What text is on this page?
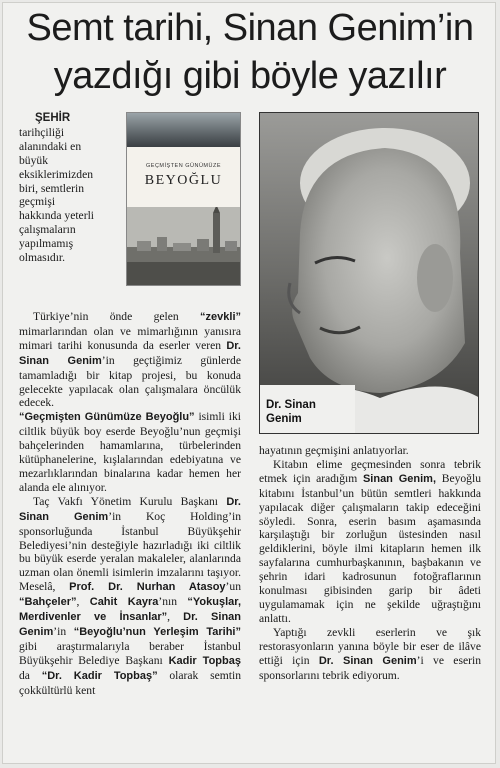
Semt tarihi, Sinan Genim’in
yazdığı gibi böyle yazılır
ŞEHİR
tarihçiliği
alanındaki en
büyük
eksiklerimizden
biri, semtlerin
geçmişi
hakkında yeterli
çalışmaların
yapılmamış
olmasıdır.
GEÇMİŞTEN GÜNÜMÜZE
BEYOĞLU
Dr. Sinan
Genim

Türkiye’nin önde gelen “zevkli” mimarlarından olan ve mimarlığının yanısıra mimari tarihi konusunda da eserler veren Dr. Sinan Genim’in geçtiğimiz günlerde tamamladığı bir kitap projesi, bu konuda gelecekte yapılacak olan çalışmalara öncülük edecek.

“Geçmişten Günümüze Beyoğlu” isimli iki ciltlik büyük boy eserde Beyoğlu’nun geçmişi bahçelerinden hamamlarına, türbelerinden kütüphanelerine, kışlalarından edebiyatına ve mezarlıklarından binalarına kadar hemen her alanda ele alınıyor.

Taç Vakfı Yönetim Kurulu Başkanı Dr. Sinan Genim’in Koç Holding’in sponsorluğunda İstanbul Büyükşehir Belediyesi’nin desteğiyle hazırladığı iki ciltlik bu büyük eserde yeralan makaleler, alanlarında uzman olan önemli isimlerin imzalarını taşıyor. Meselâ, Prof. Dr. Nurhan Atasoy’un “Bahçeler”, Cahit Kayra’nın “Yokuşlar, Merdivenler ve İnsanlar”, Dr. Sinan Genim’in “Beyoğlu’nun Yerleşim Tarihi” gibi araştırmalarıyla beraber İstanbul Büyükşehir Belediye Başkanı Kadir Topbaş da “Dr. Kadir Topbaş” olarak semtin çokkültürlü kent

hayatının geçmişini anlatıyorlar.

Kitabın elime geçmesinden sonra tebrik etmek için aradığım Sinan Genim, Beyoğlu kitabını İstanbul’un bütün semtleri hakkında yapılacak diğer çalışmaların takip edeceğini söyledi. Sonra, eserin basım aşamasında karşılaştığı bir zorluğun üstesinden nasıl geldiklerini, böyle ilmi kitapların hemen ilk sayfalarına cumhurbaşkanının, başbakanın ve şehrin idari kadrosunun fotoğraflarının konulması gibisinden garip bir âdeti uygulamamak için ne şekilde uğraştığını anlattı.

Yaptığı zevkli eserlerin ve şık restorasyonların yanına böyle bir eser de ilâve ettiği için Dr. Sinan Genim’i ve eserin sponsorlarını tebrik ediyorum.
